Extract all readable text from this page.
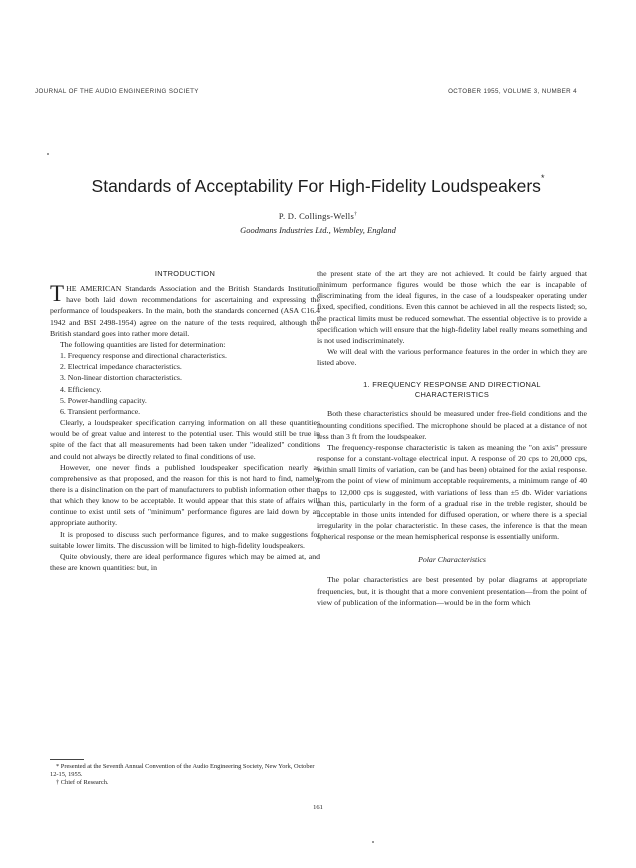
JOURNAL OF THE AUDIO ENGINEERING SOCIETY	OCTOBER 1955, VOLUME 3, NUMBER 4
Standards of Acceptability For High-Fidelity Loudspeakers*
P. D. Collings-Wells†
Goodmans Industries Ltd., Wembley, England
INTRODUCTION

THE AMERICAN Standards Association and the British Standards Institution have both laid down recommendations for ascertaining and expressing the performance of loudspeakers. In the main, both the standards concerned (ASA C16.4 1942 and BSI 2498-1954) agree on the nature of the tests required, although the British standard goes into rather more detail.

The following quantities are listed for determination:

1. Frequency response and directional characteristics.
2. Electrical impedance characteristics.
3. Non-linear distortion characteristics.
4. Efficiency.
5. Power-handling capacity.
6. Transient performance.

Clearly, a loudspeaker specification carrying information on all these quantities would be of great value and interest to the potential user. This would still be true in spite of the fact that all measurements had been taken under "idealized" conditions and could not always be directly related to final conditions of use.

However, one never finds a published loudspeaker specification nearly as comprehensive as that proposed, and the reason for this is not hard to find, namely, there is a disinclination on the part of manufacturers to publish information other than that which they know to be acceptable. It would appear that this state of affairs will continue to exist until sets of "minimum" performance figures are laid down by an appropriate authority.

It is proposed to discuss such performance figures, and to make suggestions for suitable lower limits. The discussion will be limited to high-fidelity loudspeakers.

Quite obviously, there are ideal performance figures which may be aimed at, and these are known quantities: but, in

the present state of the art they are not achieved. It could be fairly argued that minimum performance figures would be those which the ear is incapable of discriminating from the ideal figures, in the case of a loudspeaker operating under fixed, specified, conditions. Even this cannot be achieved in all the respects listed; so, the practical limits must be reduced somewhat. The essential objective is to provide a specification which will ensure that the high-fidelity label really means something and is not used indiscriminately.

We will deal with the various performance features in the order in which they are listed above.

1. FREQUENCY RESPONSE AND DIRECTIONAL
CHARACTERISTICS

Both these characteristics should be measured under free-field conditions and the mounting conditions specified. The microphone should be placed at a distance of not less than 3 ft from the loudspeaker.

The frequency-response characteristic is taken as meaning the "on axis" pressure response for a constant-voltage electrical input. A response of 20 cps to 20,000 cps, within small limits of variation, can be (and has been) obtained for the axial response. From the point of view of minimum acceptable requirements, a minimum range of 40 cps to 12,000 cps is suggested, with variations of less than ±5 db. Wider variations than this, particularly in the form of a gradual rise in the treble register, should be acceptable in those units intended for diffused operation, or where there is a special irregularity in the polar characteristic. In these cases, the inference is that the mean spherical response or the mean hemispherical response is essentially uniform.

Polar Characteristics

The polar characteristics are best presented by polar diagrams at appropriate frequencies, but, it is thought that a more convenient presentation—from the point of view of publication of the information—would be in the form which

* Presented at the Seventh Annual Convention of the Audio Engineering Society, New York, October 12-15, 1955.

† Chief of Research.

161
